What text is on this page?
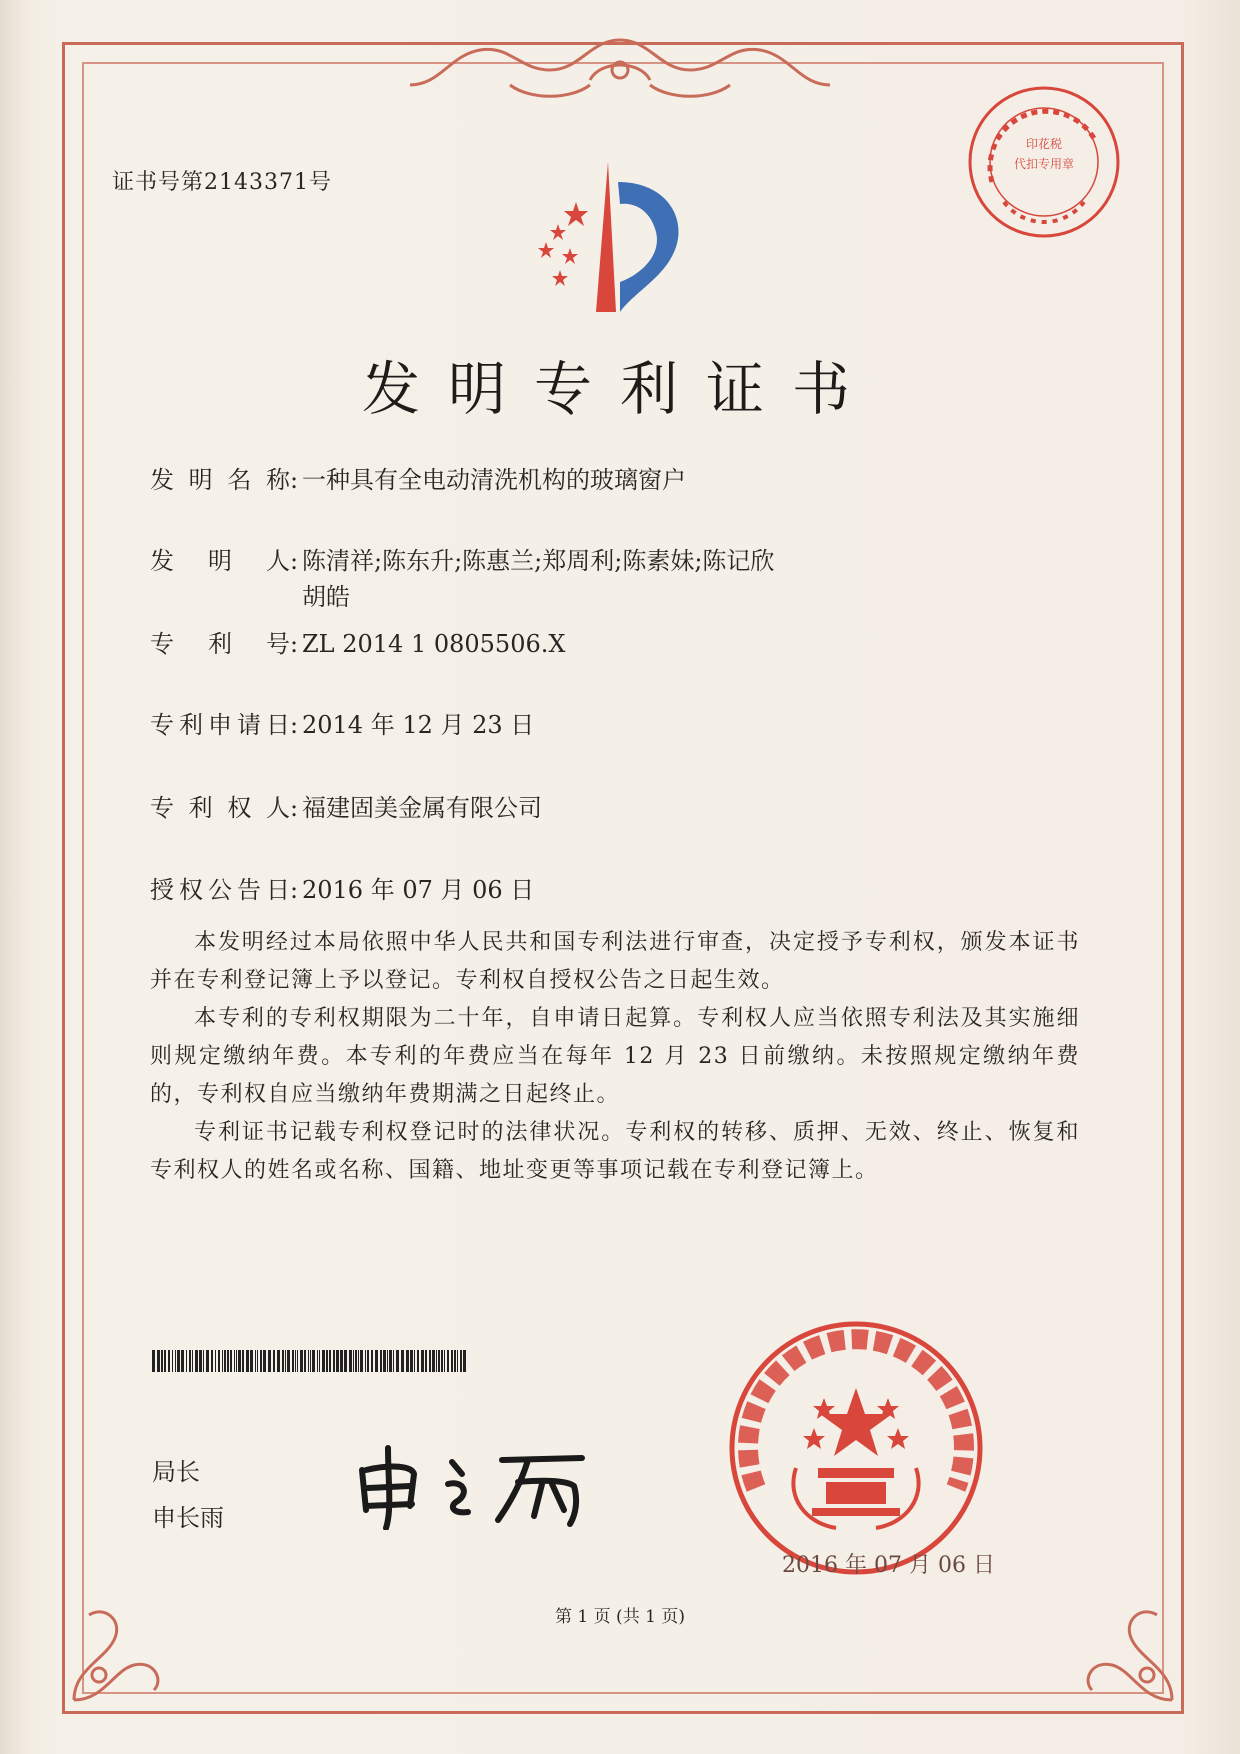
证书号第2143371号
印花税
代扣专用章
发明专利证书
发明名称: 一种具有全电动清洗机构的玻璃窗户
发明人: 陈清祥;陈东升;陈惠兰;郑周利;陈素妹;陈记欣
胡皓
专利号: ZL 2014 1 0805506.X
专利申请日: 2014 年 12 月 23 日
专利权人: 福建固美金属有限公司
授权公告日: 2016 年 07 月 06 日
本发明经过本局依照中华人民共和国专利法进行审查，决定授予专利权，颁发本证书并在专利登记簿上予以登记。专利权自授权公告之日起生效。
本专利的专利权期限为二十年，自申请日起算。专利权人应当依照专利法及其实施细则规定缴纳年费。本专利的年费应当在每年 12 月 23 日前缴纳。未按照规定缴纳年费的，专利权自应当缴纳年费期满之日起终止。
专利证书记载专利权登记时的法律状况。专利权的转移、质押、无效、终止、恢复和专利权人的姓名或名称、国籍、地址变更等事项记载在专利登记簿上。
局长
申长雨
2016 年 07 月 06 日
第 1 页 (共 1 页)
